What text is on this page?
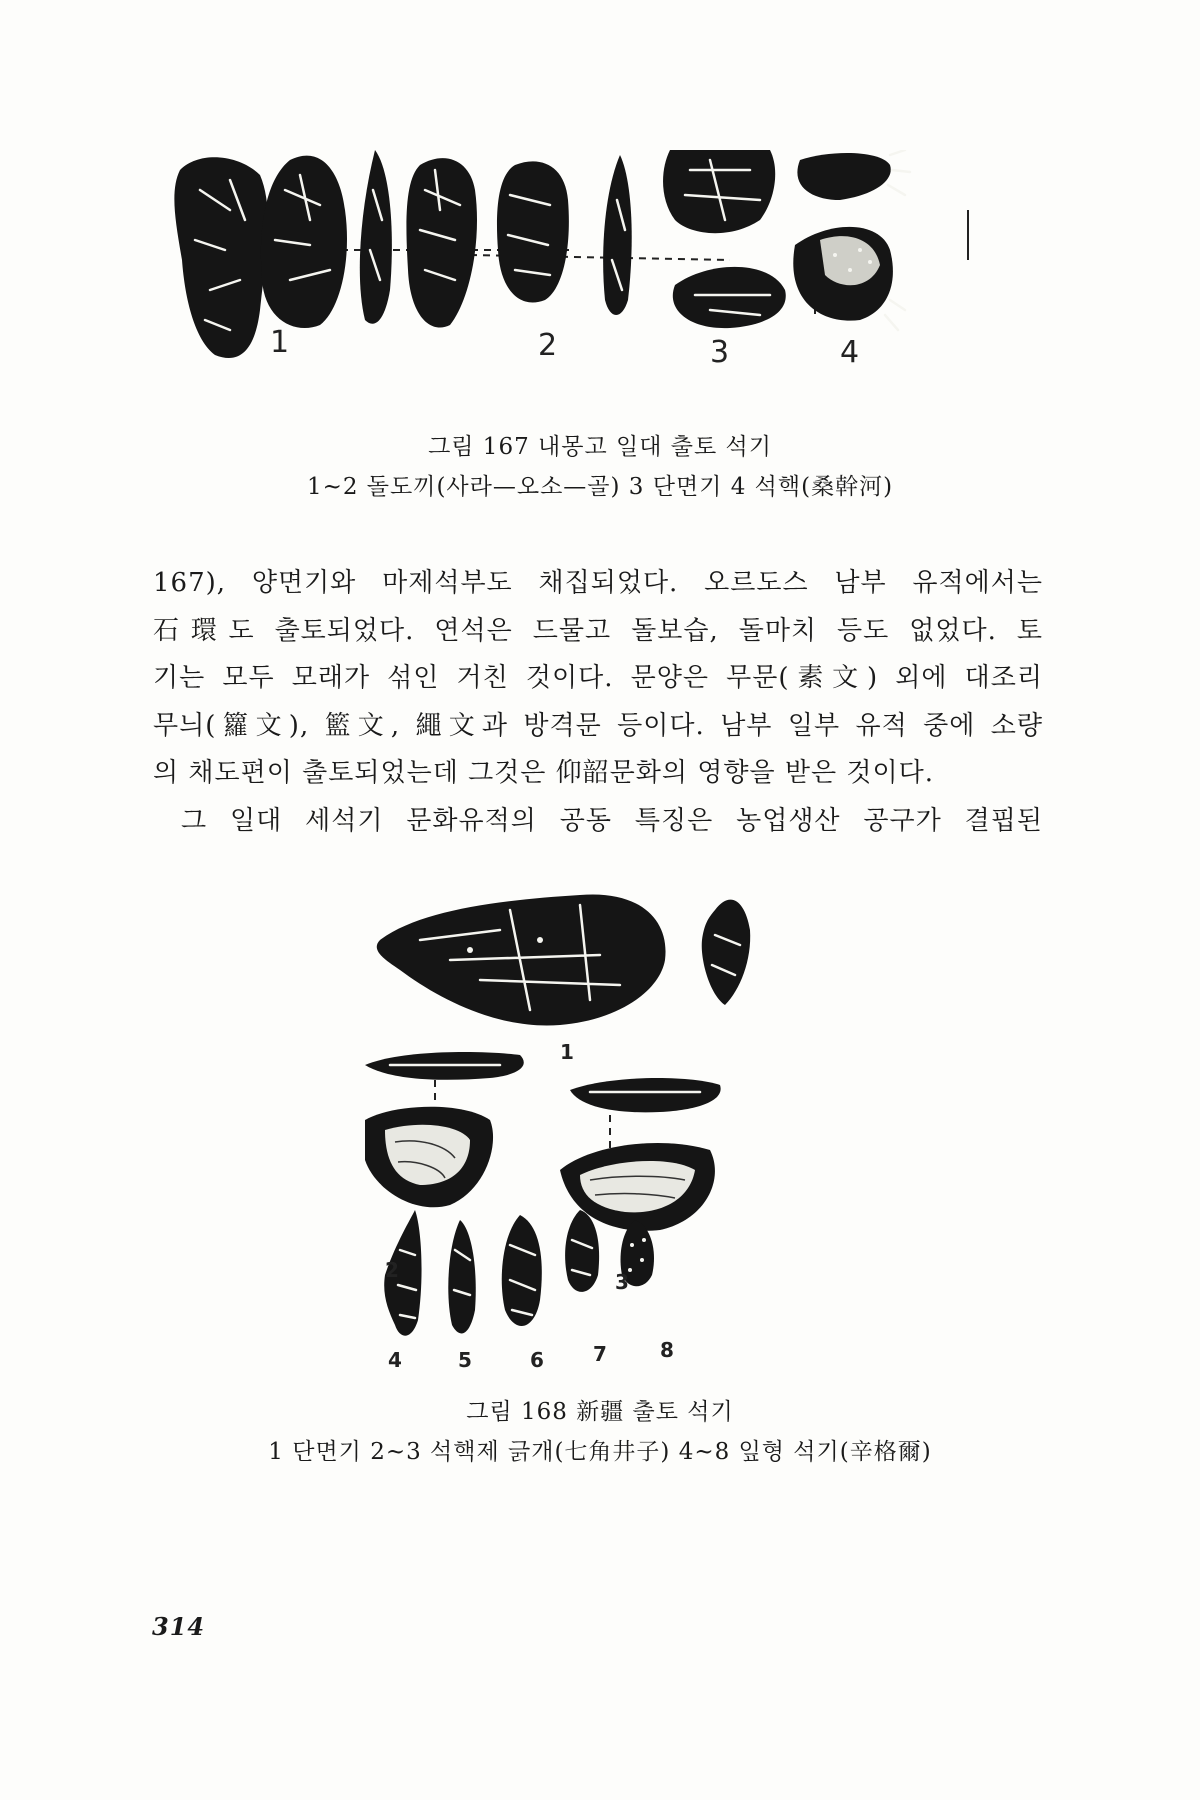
1	2	3	4
그림 167 내몽고 일대 출토 석기
1~2 돌도끼(사라—오소—골) 3 단면기 4 석핵(桑幹河)

167), 양면기와 마제석부도 채집되었다. 오르도스 남부 유적에서는

石環도 출토되었다. 연석은 드물고 돌보습, 돌마치 등도 없었다. 토

기는 모두 모래가 섞인 거친 것이다. 문양은 무문(素文) 외에 대조리

무늬(籮文), 籃文, 繩文과 방격문 등이다. 남부 일부 유적 중에 소량

의 채도편이 출토되었는데 그것은 仰韶문화의 영향을 받은 것이다.

그 일대 세석기 문화유적의 공동 특징은 농업생산 공구가 결핍된

1
2	3
4	5	6 7	8
그림 168 新疆 출토 석기
1 단면기 2~3 석핵제 긁개(七角井子) 4~8 잎형 석기(辛格爾)
314
